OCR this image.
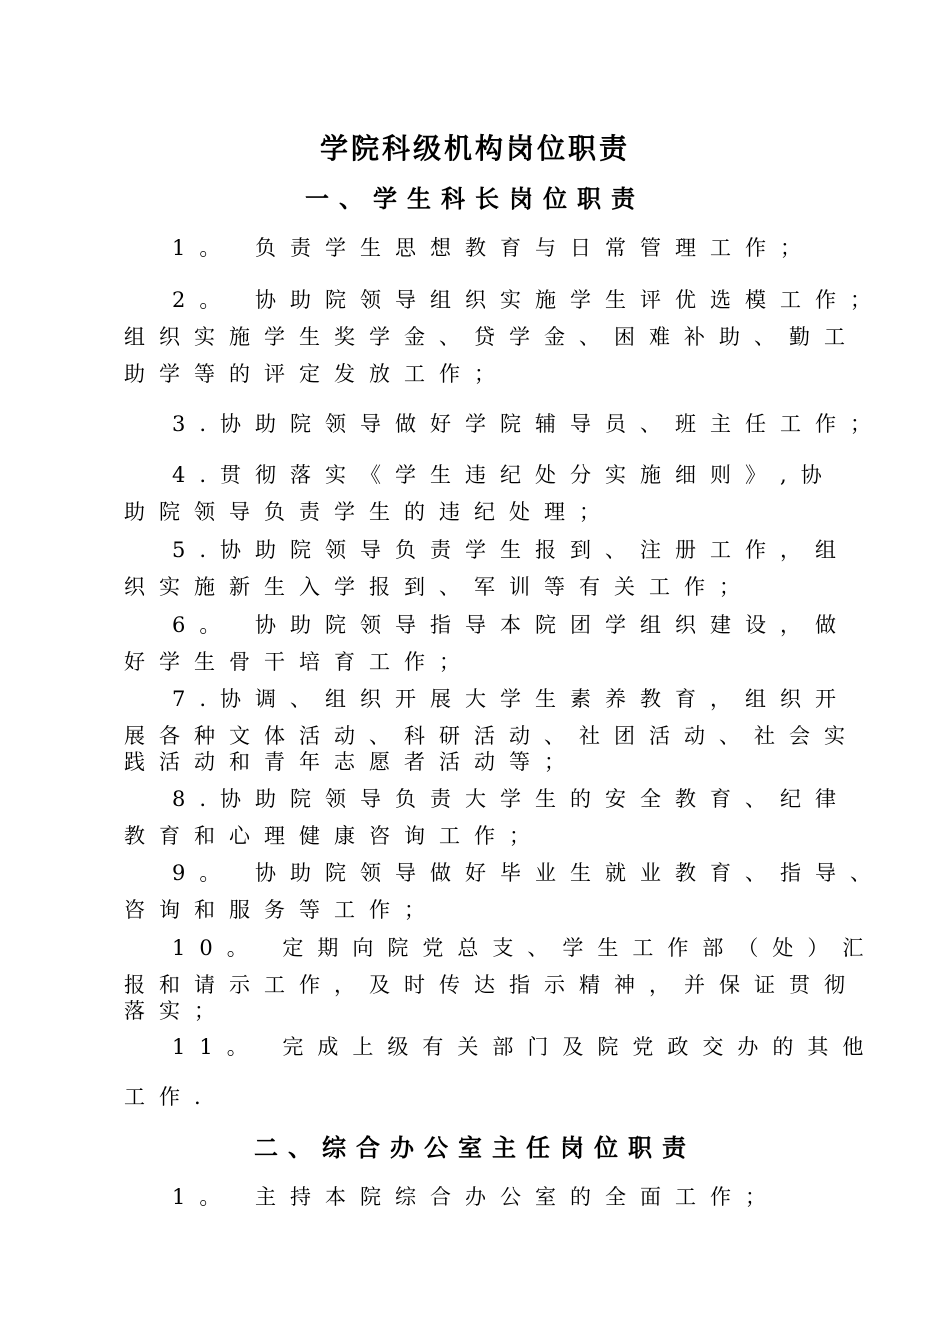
学院科级机构岗位职责
一、学生科长岗位职责
1。 负责学生思想教育与日常管理工作；
2。 协助院领导组织实施学生评优选模工作；
组织实施学生奖学金、贷学金、困难补助、勤工
助学等的评定发放工作；
3.协助院领导做好学院辅导员、班主任工作；
4.贯彻落实《学生违纪处分实施细则》,协
助院领导负责学生的违纪处理；
5.协助院领导负责学生报到、注册工作，组
织实施新生入学报到、军训等有关工作；
6。 协助院领导指导本院团学组织建设，做
好学生骨干培育工作；
7.协调、组织开展大学生素养教育，组织开
展各种文体活动、科研活动、社团活动、社会实
践活动和青年志愿者活动等；
8.协助院领导负责大学生的安全教育、纪律
教育和心理健康咨询工作；
9。 协助院领导做好毕业生就业教育、指导、
咨询和服务等工作；
10。 定期向院党总支、学生工作部（处）汇
报和请示工作，及时传达指示精神，并保证贯彻
落实；
11。 完成上级有关部门及院党政交办的其他
工作.
二、综合办公室主任岗位职责
1。 主持本院综合办公室的全面工作；
